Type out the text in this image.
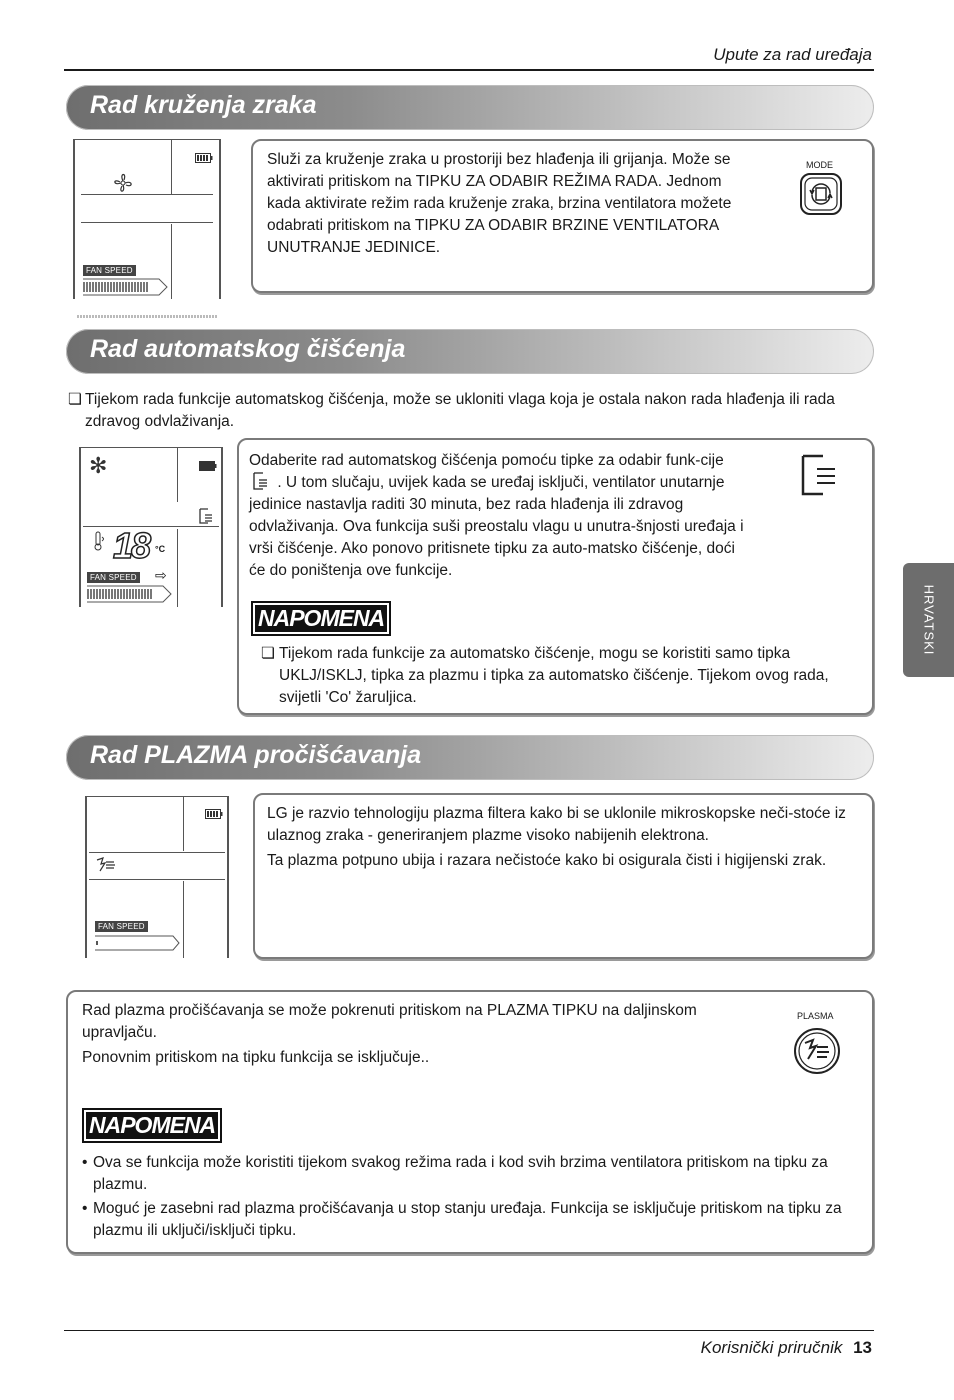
Upute za rad uređaja
Rad kruženja zraka
FAN SPEED
Služi za kruženje zraka u prostoriji bez hlađenja ili grijanja. Može se aktivirati pritiskom na TIPKU ZA ODABIR REŽIMA RADA. Jednom kada aktivirate režim rada kruženje zraka, brzina ventilatora možete odabrati pritiskom na TIPKU ZA ODABIR BRZINE VENTILATORA UNUTRANJE JEDINICE.
MODE
Rad automatskog čišćenja
❏ Tijekom rada funkcije automatskog čišćenja, može se ukloniti vlaga koja je ostala nakon rada hlađenja ili rada zdravog odvlaživanja.
✻
18 °C
FAN SPEED ⇨
Odaberite rad automatskog čišćenja pomoću tipke za odabir funk-cije  . U tom slučaju, uvijek kada se uređaj isključi, ventilator unutarnje jedinice nastavlja raditi 30 minuta, bez rada hlađenja ili zdravog odvlaživanja. Ova funkcija suši preostalu vlagu u unutra-šnjosti uređaja i vrši čišćenje. Ako ponovo pritisnete tipku za auto-matsko čišćenje, doći će do poništenja ove funkcije.
NAPOMENA
❏ Tijekom rada funkcije za automatsko čišćenje, mogu se koristiti samo tipka UKLJ/ISKLJ, tipka za plazmu i tipka za automatsko čišćenje. Tijekom ovog rada, svijetli 'Co' žaruljica.
HRVATSKI
Rad PLAZMA pročišćavanja
FAN SPEED
LG je razvio tehnologiju plazma filtera kako bi se uklonile mikroskopske neči-stoće iz ulaznog zraka - generiranjem plazme visoko nabijenih elektrona.
Ta plazma potpuno ubija i razara nečistoće kako bi osigurala čisti i higijenski zrak.
Rad plazma pročišćavanja se može pokrenuti pritiskom na PLAZMA TIPKU na daljinskom upravljaču.
Ponovnim pritiskom na tipku funkcija se isključuje..
PLASMA
NAPOMENA
• Ova se funkcija može koristiti tijekom svakog režima rada i kod svih brzima ventilatora pritiskom na tipku za plazmu.
• Moguć je zasebni rad plazma pročišćavanja u stop stanju uređaja. Funkcija se isključuje pritiskom na tipku za plazmu ili uključi/isključi tipku.
Korisnički priručnik 13
